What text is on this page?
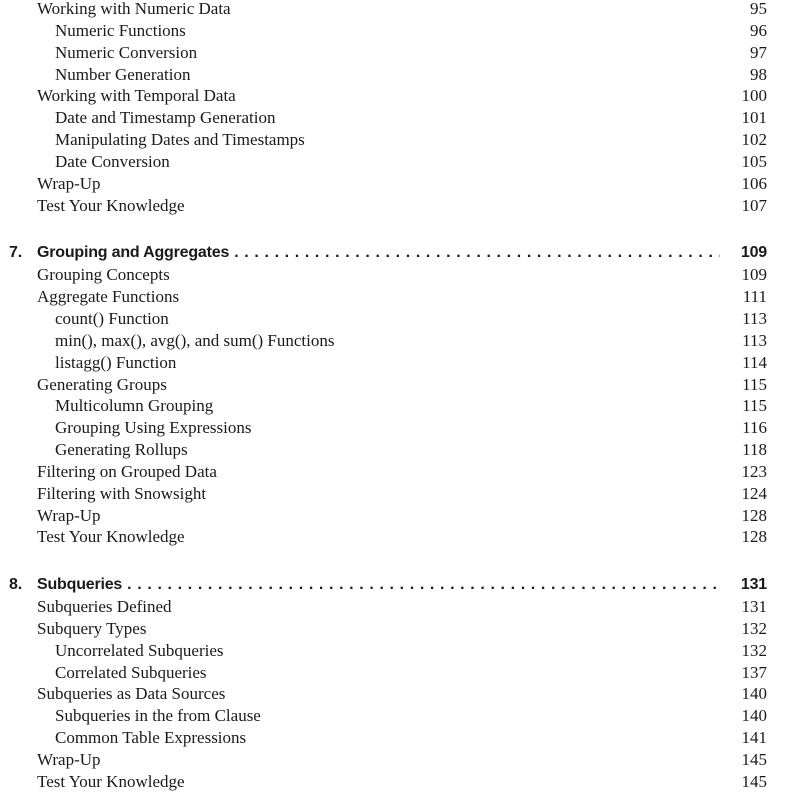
Working with Numeric Data	95
Numeric Functions	96
Numeric Conversion	97
Number Generation	98
Working with Temporal Data	100
Date and Timestamp Generation	101
Manipulating Dates and Timestamps	102
Date Conversion	105
Wrap-Up	106
Test Your Knowledge	107
7. Grouping and Aggregates . . .	109
Grouping Concepts	109
Aggregate Functions	111
count() Function	113
min(), max(), avg(), and sum() Functions	113
listagg() Function	114
Generating Groups	115
Multicolumn Grouping	115
Grouping Using Expressions	116
Generating Rollups	118
Filtering on Grouped Data	123
Filtering with Snowsight	124
Wrap-Up	128
Test Your Knowledge	128
8. Subqueries . . .	131
Subqueries Defined	131
Subquery Types	132
Uncorrelated Subqueries	132
Correlated Subqueries	137
Subqueries as Data Sources	140
Subqueries in the from Clause	140
Common Table Expressions	141
Wrap-Up	145
Test Your Knowledge	145
